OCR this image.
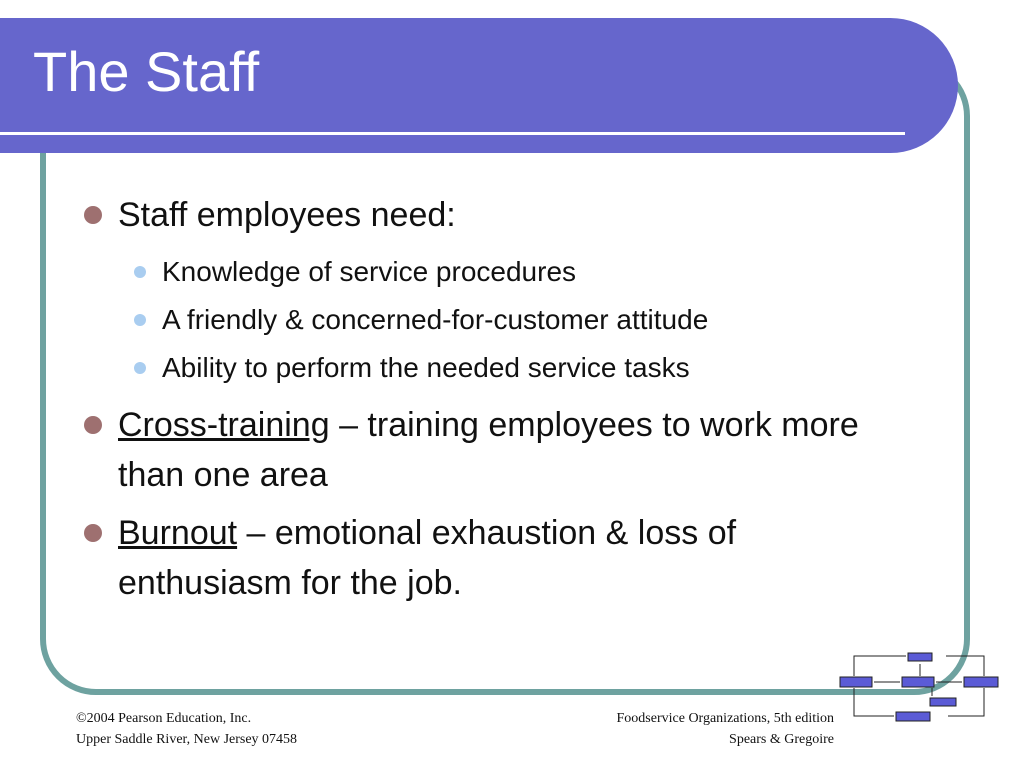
The Staff
Staff employees need:
Knowledge of service procedures
A friendly & concerned-for-customer attitude
Ability to perform the needed service tasks
Cross-training – training employees to work more than one area
Burnout – emotional exhaustion & loss of enthusiasm for the job.
©2004 Pearson Education, Inc.
Upper Saddle River, New Jersey 07458
Foodservice Organizations, 5th edition
Spears & Gregoire
